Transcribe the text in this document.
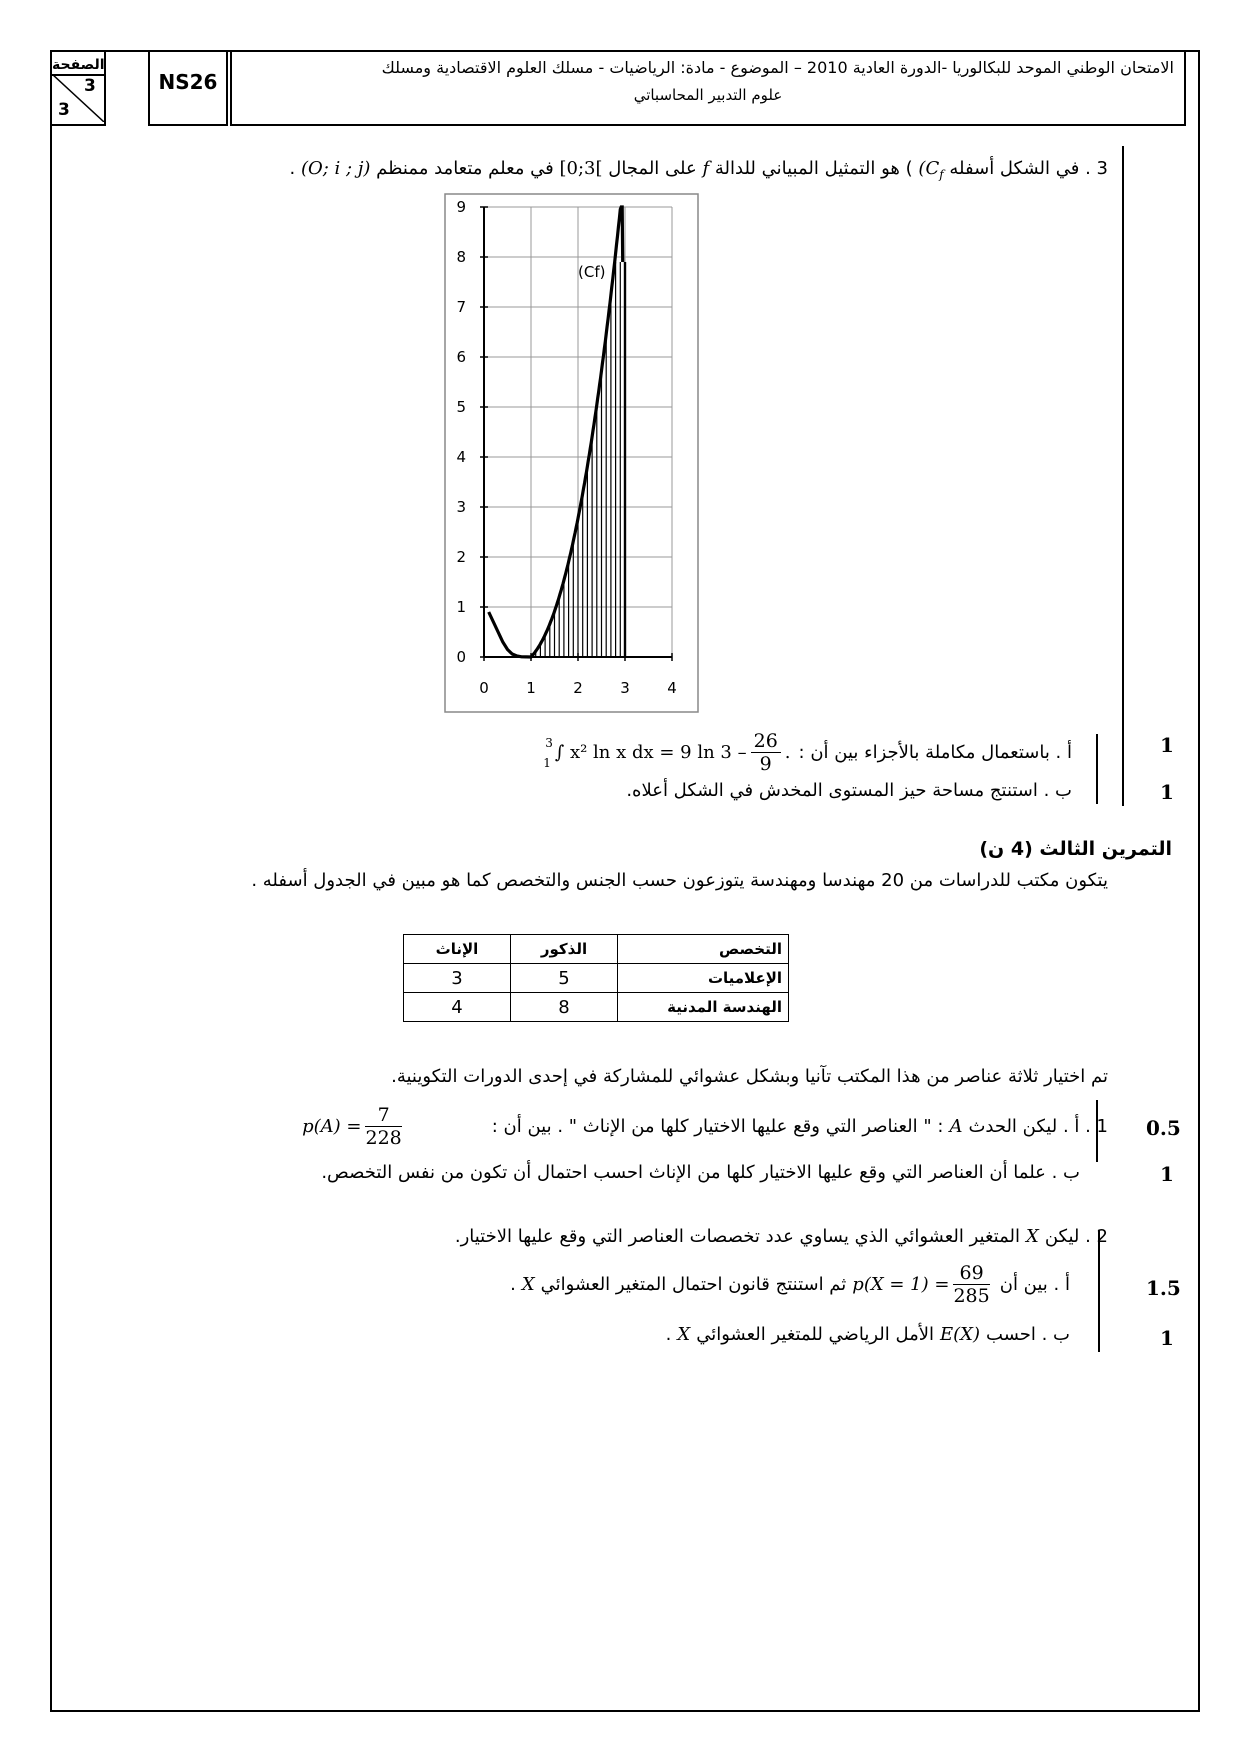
الصفحة
3
3
NS26
الامتحان الوطني الموحد للبكالوريا -الدورة العادية 2010 – الموضوع - مادة: الرياضيات - مسلك العلوم الاقتصادية ومسلك
علوم التدبير المحاسباتي
3 . في الشكل أسفله ($C_f$ ) هو التمثيل المبياني للدالة f على المجال [0;3[ في معلم متعامد ممنظم (O; i ; j) .
0 1 2 3 4
0
1
2
3
4
5
6
7
8
9
(Cf)
1
أ . باستعمال مكاملة بالأجزاء بين أن :
3
1 ∫ x² ln x dx = 9 $\ln 3 - \frac{26}{9}$ .
1
ب . استنتج مساحة حيز المستوى المخدش في الشكل أعلاه.
التمرين الثالث (4 ن)
يتكون مكتب للدراسات من 20 مهندسا ومهندسة يتوزعون حسب الجنس والتخصص كما هو مبين في الجدول أسفله .
التخصص	الذكور	الإناث
الإعلاميات	5	3
الهندسة المدنية	8	4
تم اختيار ثلاثة عناصر من هذا المكتب تآنيا وبشكل عشوائي للمشاركة في إحدى الدورات التكوينية.
0.5
1 . أ . ليكن الحدث
A
: " العناصر التي وقع عليها الاختيار كلها من الإناث " . بين أن :
$p(A) = \frac{7}{228}$
1
ب . علما أن العناصر التي وقع عليها الاختيار كلها من الإناث احسب احتمال أن تكون من نفس التخصص.
2 . ليكن
X
المتغير العشوائي الذي يساوي عدد تخصصات العناصر التي وقع عليها الاختيار.
1.5
أ . بين أن
$p(X = 1) = \frac{69}{285}$
ثم استنتج قانون احتمال المتغير العشوائي
X
.
1
ب . احسب
E(X)
الأمل الرياضي للمتغير العشوائي
X
.
